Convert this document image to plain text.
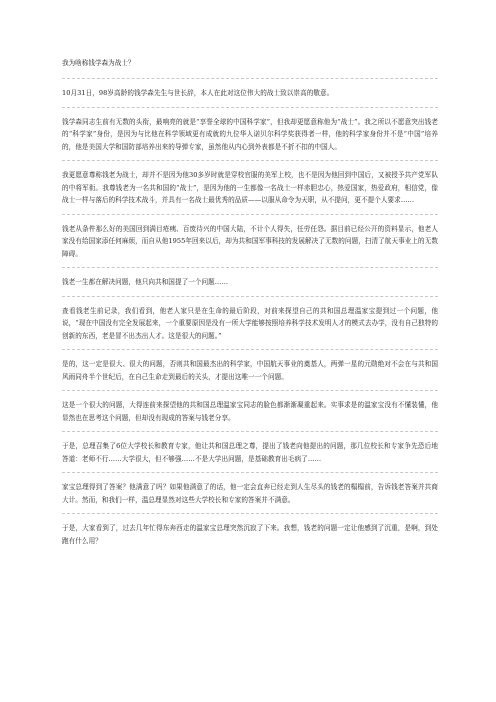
我为啥称钱学森为战士？
10月31日，98岁高龄的钱学森先生与世长辞，本人在此对这位伟大的战士致以崇高的敬意。
钱学森同志生前有无数的头衔，最响亮的就是“享誉全球的中国科学家”，但我却更愿意称他为“战士”。我之所以不愿意突出钱老的“科学家”身份，是因为与比他在科学领域更有成就的九位华人诺贝尔科学奖获得者一样，他的科学家身份并不是“中国”培养的，他是美国大学和国防部培养出来的导弹专家，虽然他从内心到外表都是不折不扣的中国人。
我更愿意尊称钱老为战士，却并不是因为他30多岁时就是穿校官服的美军上校，也不是因为他回到中国后，又被授予共产党军队的中将军衔。我尊钱老为一名共和国的“战士”，是因为他的一生都像一名战士一样赤胆忠心，热爱国家，热爱政府，相信党，像战士一样与落后的科学技术战斗，并具有一名战士最优秀的品质——以服从命令为天职，从不提问，更不提个人要求……
钱老从条件那么好的美国回到满目疮痍、百废待兴的中国大陆，不计个人得失，任劳任怨。据目前已经公开的资料显示，他老人家没有给国家添任何麻烦，而自从他1955年回来以后，却为共和国军事科技的发展解决了无数的问题，扫清了航天事业上的无数障碍。
钱老一生都在解决问题，他只向共和国提了一个问题……
查看钱老生前记录，我们看到，他老人家只是在生命的最后阶段，对前来探望自己的共和国总理温家宝提到过一个问题，他说，“现在中国没有完全发展起来，一个重要原因是没有一所大学能够按照培养科学技术发明人才的模式去办学，没有自己独特的创新的东西，老是冒不出杰出人才。这是很大的问题。”
是的，这一定是很大、很大的问题，否则共和国最杰出的科学家，中国航天事业的奠基人，两弹一星的元勋绝对不会在与共和国风雨同舟半个世纪后，在自己生命走到最后的关头，才提出这唯一一个问题。
这是一个很大的问题，大得连前来探望他的共和国总理温家宝同志的脸色都渐渐凝重起来。实事求是的温家宝没有不懂装懂，他显然也在思考这个问题，但却没有现成的答案与钱老分享。
于是，总理召集了6位大学校长和教育专家，他让共和国总理之尊，提出了钱老向他提出的问题，那几位校长和专家争先恐后地答道：老师不行……大学很大，但不够强……不是大学出问题，是基础教育出毛病了……
家宝总理得到了答案？他满意了吗？如果他满意了的话，他一定会直奔已经走到人生尽头的钱老的榻榻前，告诉钱老答案并共商大计。然而，和我们一样，温总理显然对这些大学校长和专家的答案并不满意。
于是，大家看到了，过去几年忙得东奔西走的温家宝总理突然沉寂了下来。我想，钱老的问题一定让他感到了沉重，是啊，到处跑有什么用？
